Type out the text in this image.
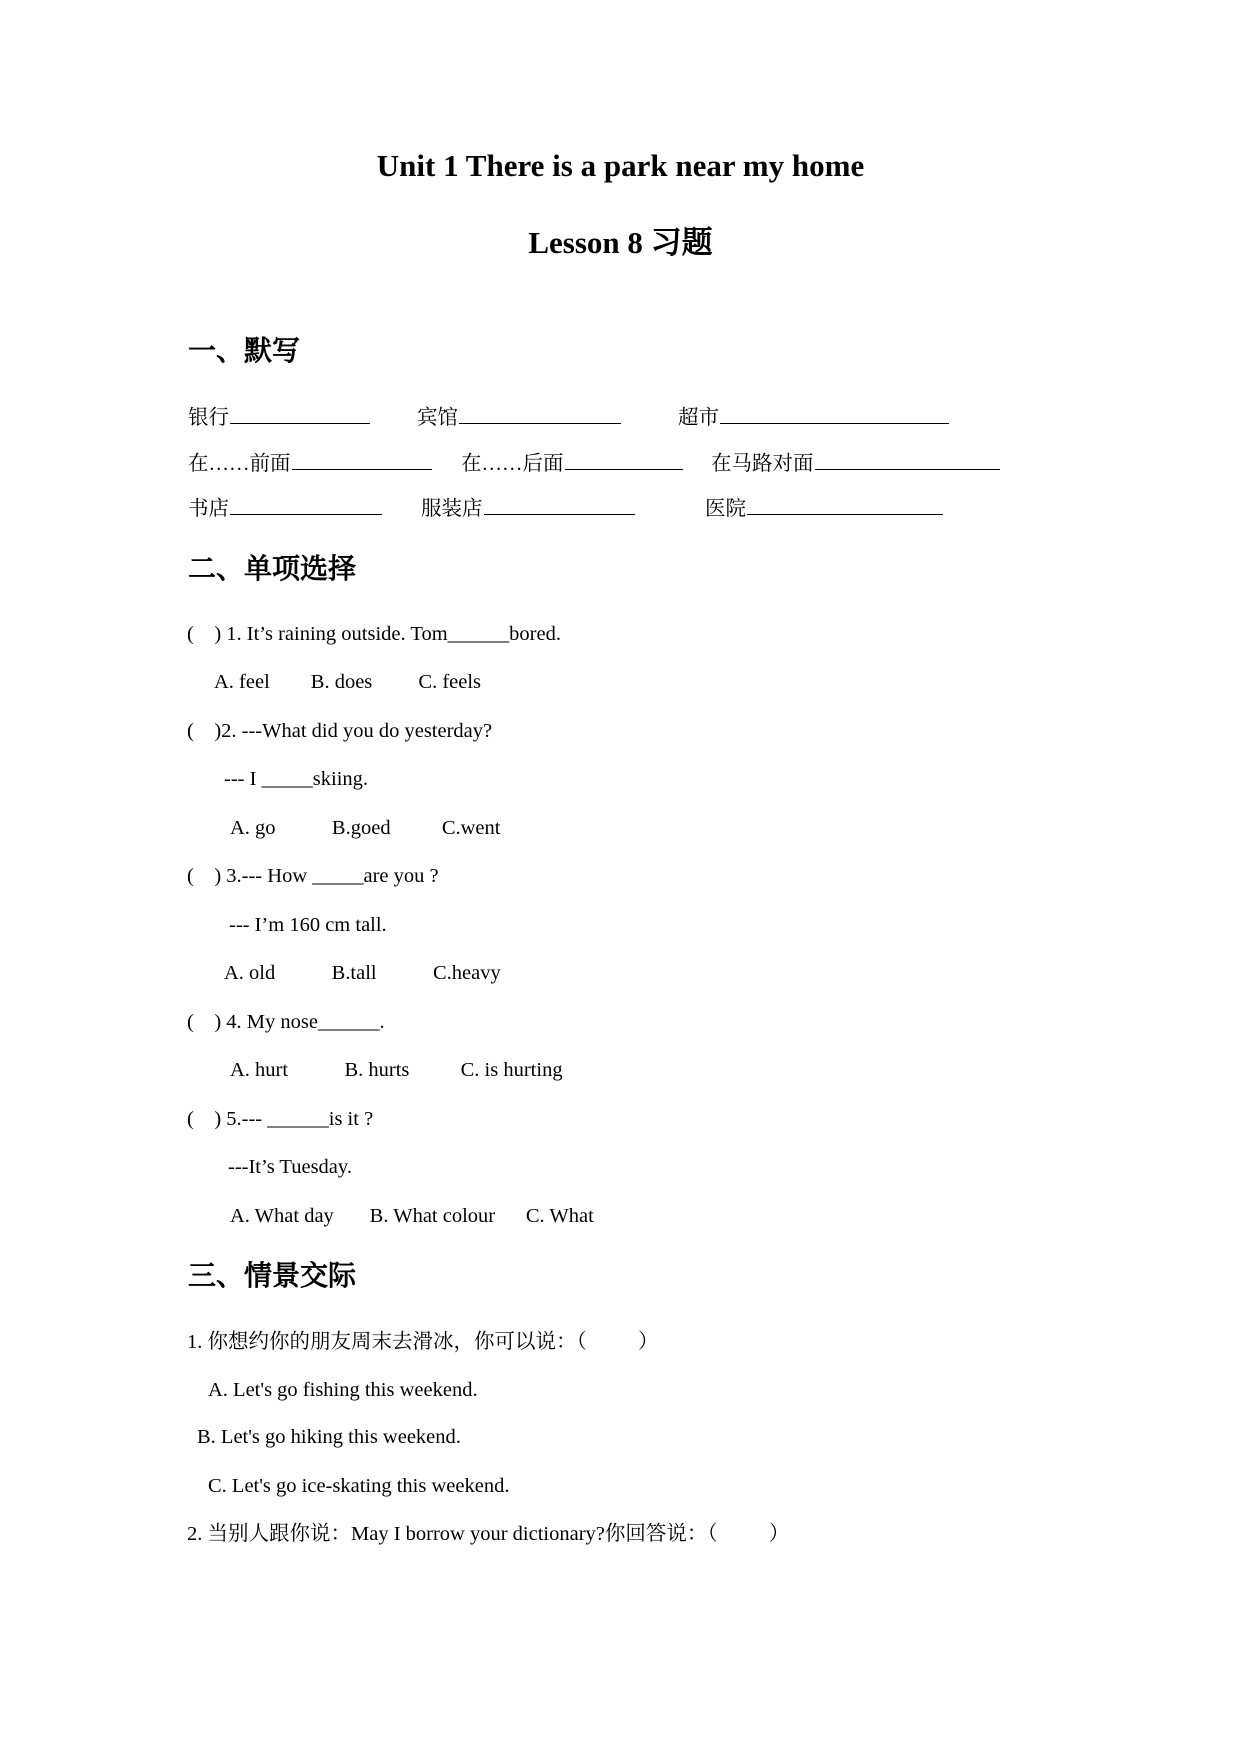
Unit 1 There is a park near my home
Lesson 8 习题
一、默写
银行	宾馆	超市
在……前面	在……后面	在马路对面
书店	服装店	医院
二、单项选择

(    ) 1. It’s raining outside. Tom______bored.

A. feel        B. does         C. feels

(    )2. ---What did you do yesterday?

--- I _____skiing.

A. go           B.goed          C.went

(    ) 3.--- How _____are you ?

--- I’m 160 cm tall.

A. old           B.tall           C.heavy

(    ) 4. My nose______.

A. hurt           B. hurts          C. is hurting

(    ) 5.--- ______is it ?

---It’s Tuesday.

A. What day       B. What colour      C. What

三、情景交际

1. 你想约你的朋友周末去滑冰，你可以说：（          ）

A. Let's go fishing this weekend.

B. Let's go hiking this weekend.

C. Let's go ice-skating this weekend.

2. 当别人跟你说：May I borrow your dictionary?你回答说：（          ）
